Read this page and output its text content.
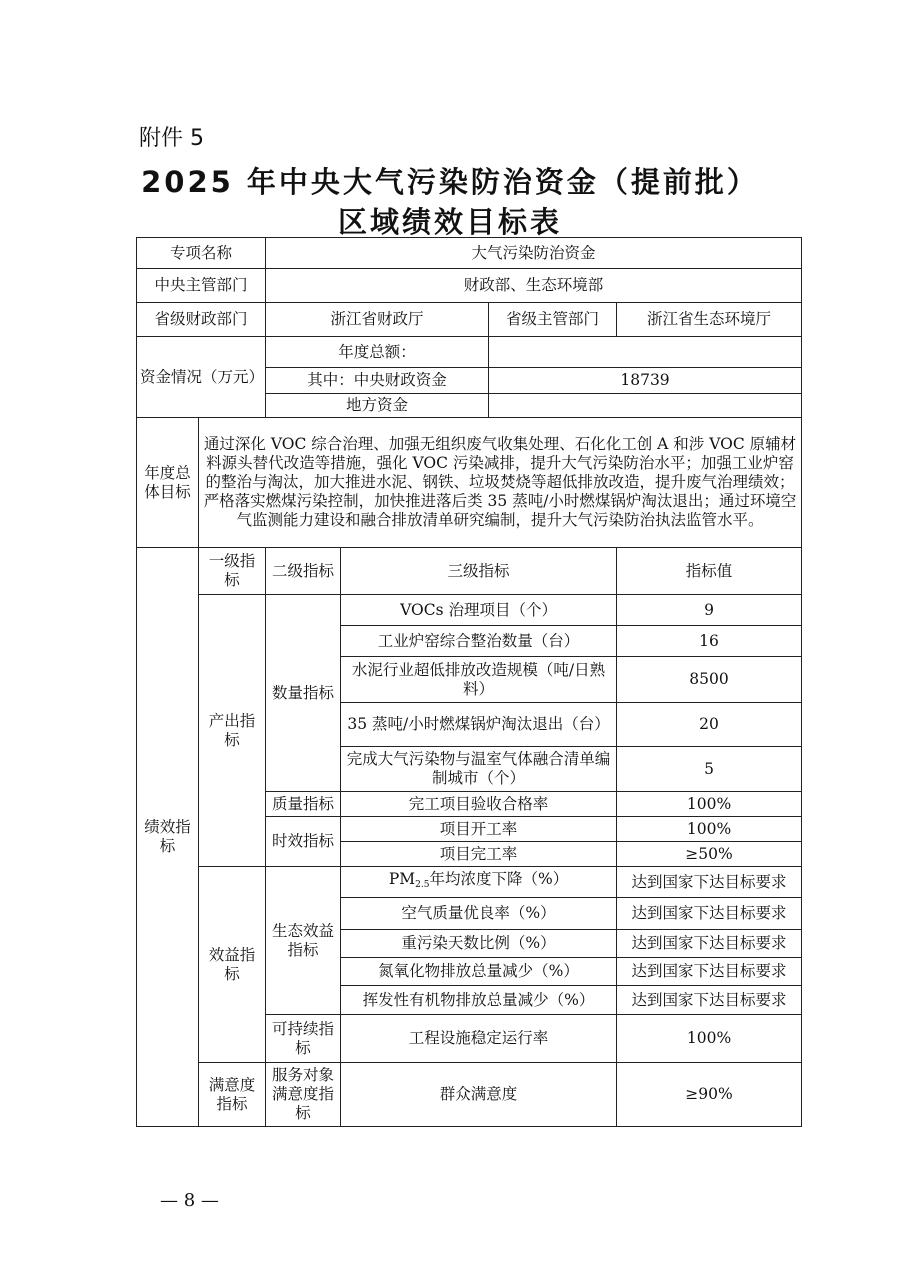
附件 5
2025 年中央大气污染防治资金（提前批）
区域绩效目标表
专项名称		大气污染防治资金			
中央主管部门		财政部、生态环境部			
省级财政部门		浙江省财政厅		省级主管部门	浙江省生态环境厅
资金情况（万元）		年度总额：			
		其中：中央财政资金		18739	
		地方资金			
年度总体目标	通过深化 VOC 综合治理、加强无组织废气收集处理、石化化工创 A 和涉 VOC 原辅材料源头替代改造等措施，强化 VOC 污染减排，提升大气污染防治水平；加强工业炉窑的整治与淘汰，加大推进水泥、钢铁、垃圾焚烧等超低排放改造，提升废气治理绩效；严格落实燃煤污染控制，加快推进落后类 35 蒸吨/小时燃煤锅炉淘汰退出；通过环境空气监测能力建设和融合排放清单研究编制，提升大气污染防治执法监管水平。				
绩效指标	一级指标	二级指标	三级指标		指标值
	产出指标	数量指标	VOCs 治理项目（个）		9
			工业炉窑综合整治数量（台）		16
			水泥行业超低排放改造规模（吨/日熟料）		8500
			35 蒸吨/小时燃煤锅炉淘汰退出（台）		20
			完成大气污染物与温室气体融合清单编制城市（个）		5
		质量指标	完工项目验收合格率		100%
		时效指标	项目开工率		100%
			项目完工率		≥50%
	效益指标	生态效益指标	$PM_{2.5}$年均浓度下降（%）		达到国家下达目标要求
			空气质量优良率（%）		达到国家下达目标要求
			重污染天数比例（%）		达到国家下达目标要求
			氮氧化物排放总量减少（%）		达到国家下达目标要求
			挥发性有机物排放总量减少（%）		达到国家下达目标要求
		可持续指标	工程设施稳定运行率		100%
	满意度指标	服务对象满意度指标	群众满意度		≥90%
— 8 —
